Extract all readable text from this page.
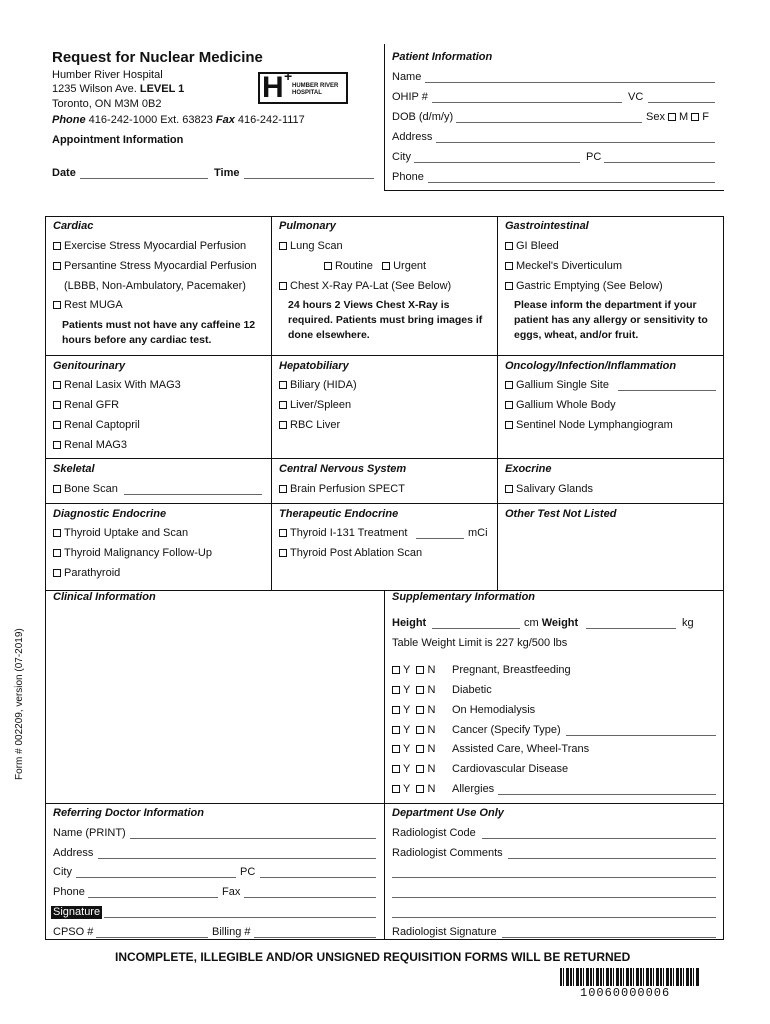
Request for Nuclear Medicine
Humber River Hospital
1235 Wilson Ave. LEVEL 1
Toronto, ON M3M 0B2
Phone 416-242-1000 Ext. 63823 Fax 416-242-1117
H +
HUMBER RIVER HOSPITAL
Appointment Information
Date	Time
Patient Information
Name
OHIP #	VC
DOB (d/m/y)	Sex M F
Address
City	PC
Phone
Cardiac
Exercise Stress Myocardial Perfusion
Persantine Stress Myocardial Perfusion
(LBBB, Non-Ambulatory, Pacemaker)
Rest MUGA
Patients must not have any caffeine 12 hours before any cardiac test.
Pulmonary
Lung Scan
Routine Urgent
Chest X-Ray PA-Lat (See Below)
24 hours 2 Views Chest X-Ray is required. Patients must bring images if done elsewhere.
Gastrointestinal
GI Bleed
Meckel's Diverticulum
Gastric Emptying (See Below)
Please inform the department if your patient has any allergy or sensitivity to eggs, wheat, and/or fruit.
Genitourinary
Renal Lasix With MAG3
Renal GFR
Renal Captopril
Renal MAG3
Hepatobiliary
Biliary (HIDA)
Liver/Spleen
RBC Liver
Oncology/Infection/Inflammation
Gallium Single Site
Gallium Whole Body
Sentinel Node Lymphangiogram
Skeletal
Bone Scan
Central Nervous System
Brain Perfusion SPECT
Exocrine
Salivary Glands
Diagnostic Endocrine
Thyroid Uptake and Scan
Thyroid Malignancy Follow-Up
Parathyroid
Therapeutic Endocrine
Thyroid I-131 Treatment	mCi
Thyroid Post Ablation Scan
Other Test Not Listed
Clinical Information	Supplementary Information
Height	cm Weight	kg
Table Weight Limit is 227 kg/500 lbs
Y N Pregnant, Breastfeeding
Y N Diabetic
Y N On Hemodialysis
Y N Cancer (Specify Type)
Y N Assisted Care, Wheel-Trans
Y N Cardiovascular Disease
Y N Allergies
Referring Doctor Information
Name (PRINT)
Address
City	PC
Phone	Fax
Signature
CPSO #	Billing #
Department Use Only
Radiologist Code
Radiologist Comments
Radiologist Signature
INCOMPLETE, ILLEGIBLE AND/OR UNSIGNED REQUISITION FORMS WILL BE RETURNED
10060000006
Form # 002209, version (07-2019)
